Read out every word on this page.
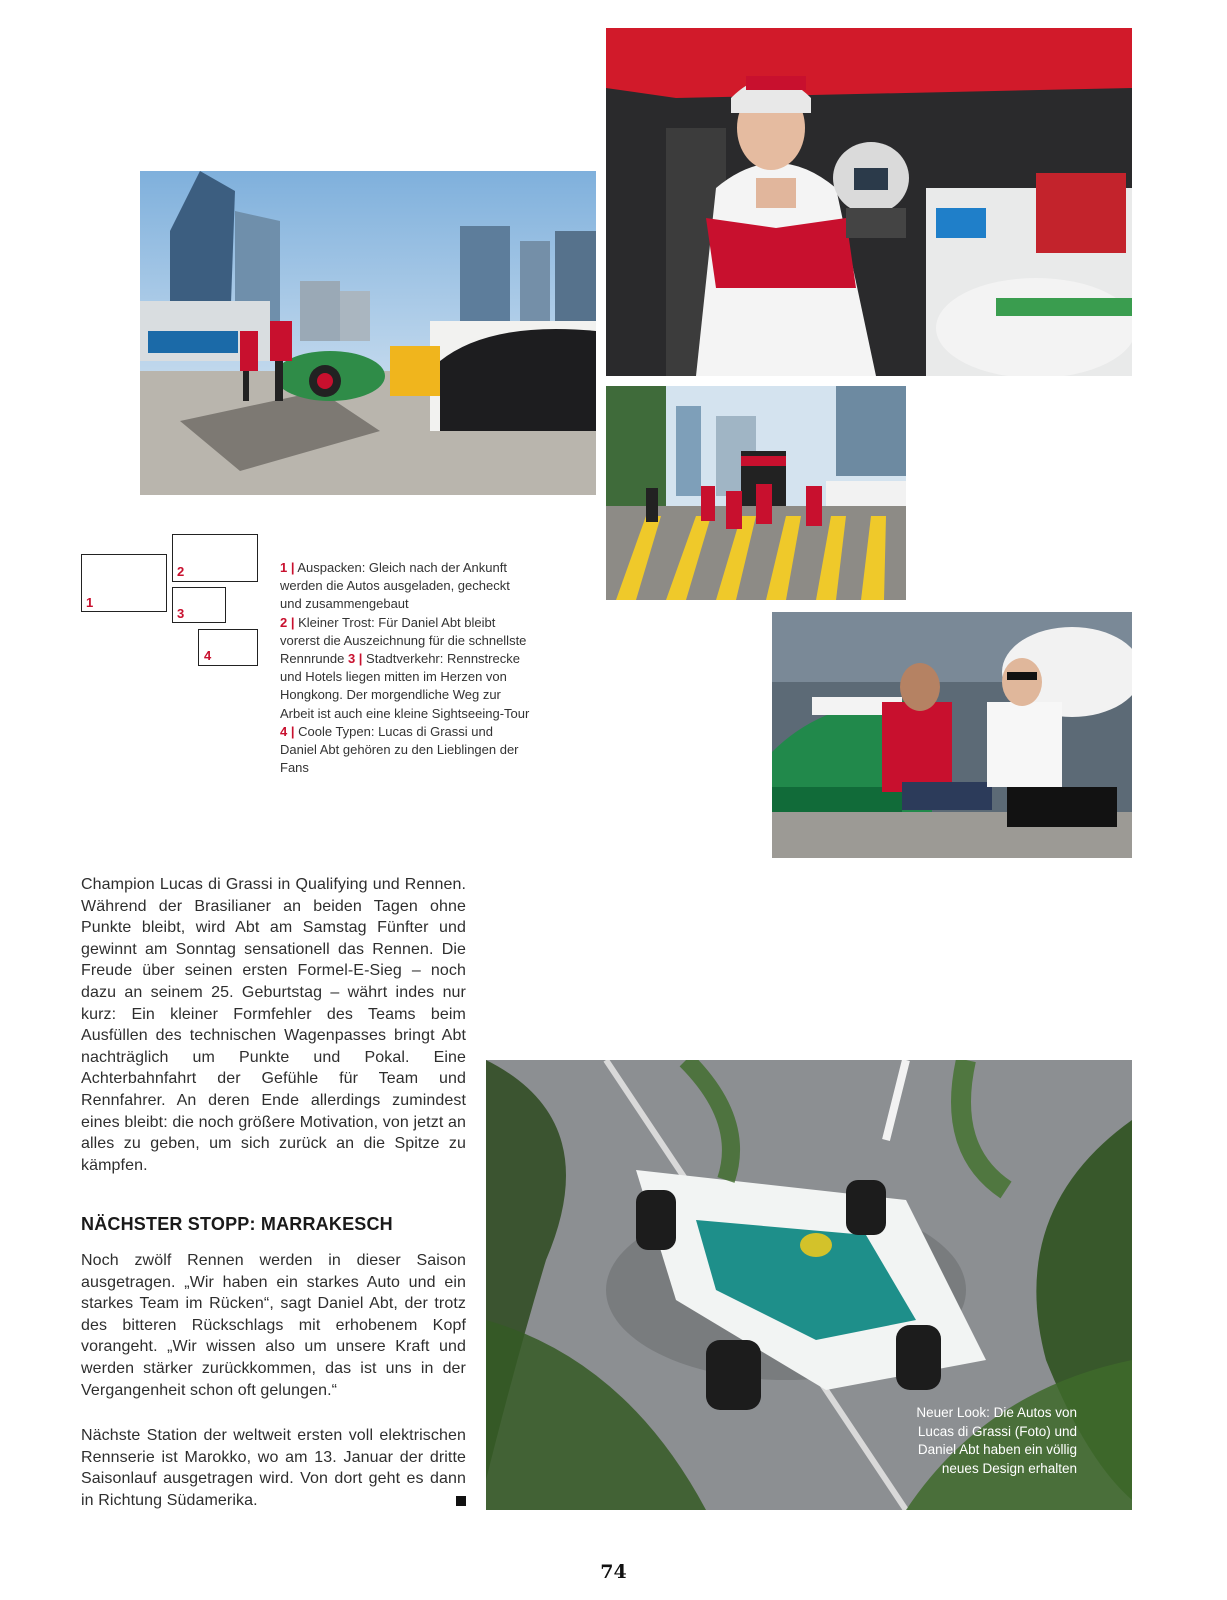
1
2
3
4
1 | Auspacken: Gleich nach der Ankunft werden die Autos ausgeladen, gecheckt und zusammengebaut
2 | Kleiner Trost: Für Daniel Abt bleibt vorerst die Auszeichnung für die schnellste Rennrunde 3 | Stadtverkehr: Rennstrecke und Hotels liegen mitten im Herzen von Hongkong. Der morgendliche Weg zur Arbeit ist auch eine kleine Sightseeing-Tour 4 | Coole Typen: Lucas di Grassi und Daniel Abt gehören zu den Lieblingen der Fans

Champion Lucas di Grassi in Qualifying und Rennen. Während der Brasilianer an beiden Tagen ohne Punkte bleibt, wird Abt am Samstag Fünfter und gewinnt am Sonntag sensationell das Rennen. Die Freude über seinen ersten Formel-E-Sieg – noch dazu an seinem 25. Geburtstag – währt indes nur kurz: Ein kleiner Formfehler des Teams beim Ausfüllen des technischen Wagenpasses bringt Abt nachträglich um Punkte und Pokal. Eine Achterbahnfahrt der Gefühle für Team und Rennfahrer. An deren Ende allerdings zumindest eines bleibt: die noch größere Motivation, von jetzt an alles zu geben, um sich zurück an die Spitze zu kämpfen.

NÄCHSTER STOPP: MARRAKESCH

Noch zwölf Rennen werden in dieser Saison ausgetragen. „Wir haben ein starkes Auto und ein starkes Team im Rücken“, sagt Daniel Abt, der trotz des bitteren Rückschlags mit erhobenem Kopf vorangeht. „Wir wissen also um unsere Kraft und werden stärker zurückkommen, das ist uns in der Vergangenheit schon oft gelungen.“

Nächste Station der weltweit ersten voll elektrischen Rennserie ist Marokko, wo am 13. Januar der dritte Saisonlauf ausgetragen wird. Von dort geht es dann in Richtung Südamerika.
Neuer Look: Die Autos von Lucas di Grassi (Foto) und Daniel Abt haben ein völlig neues Design erhalten
74
